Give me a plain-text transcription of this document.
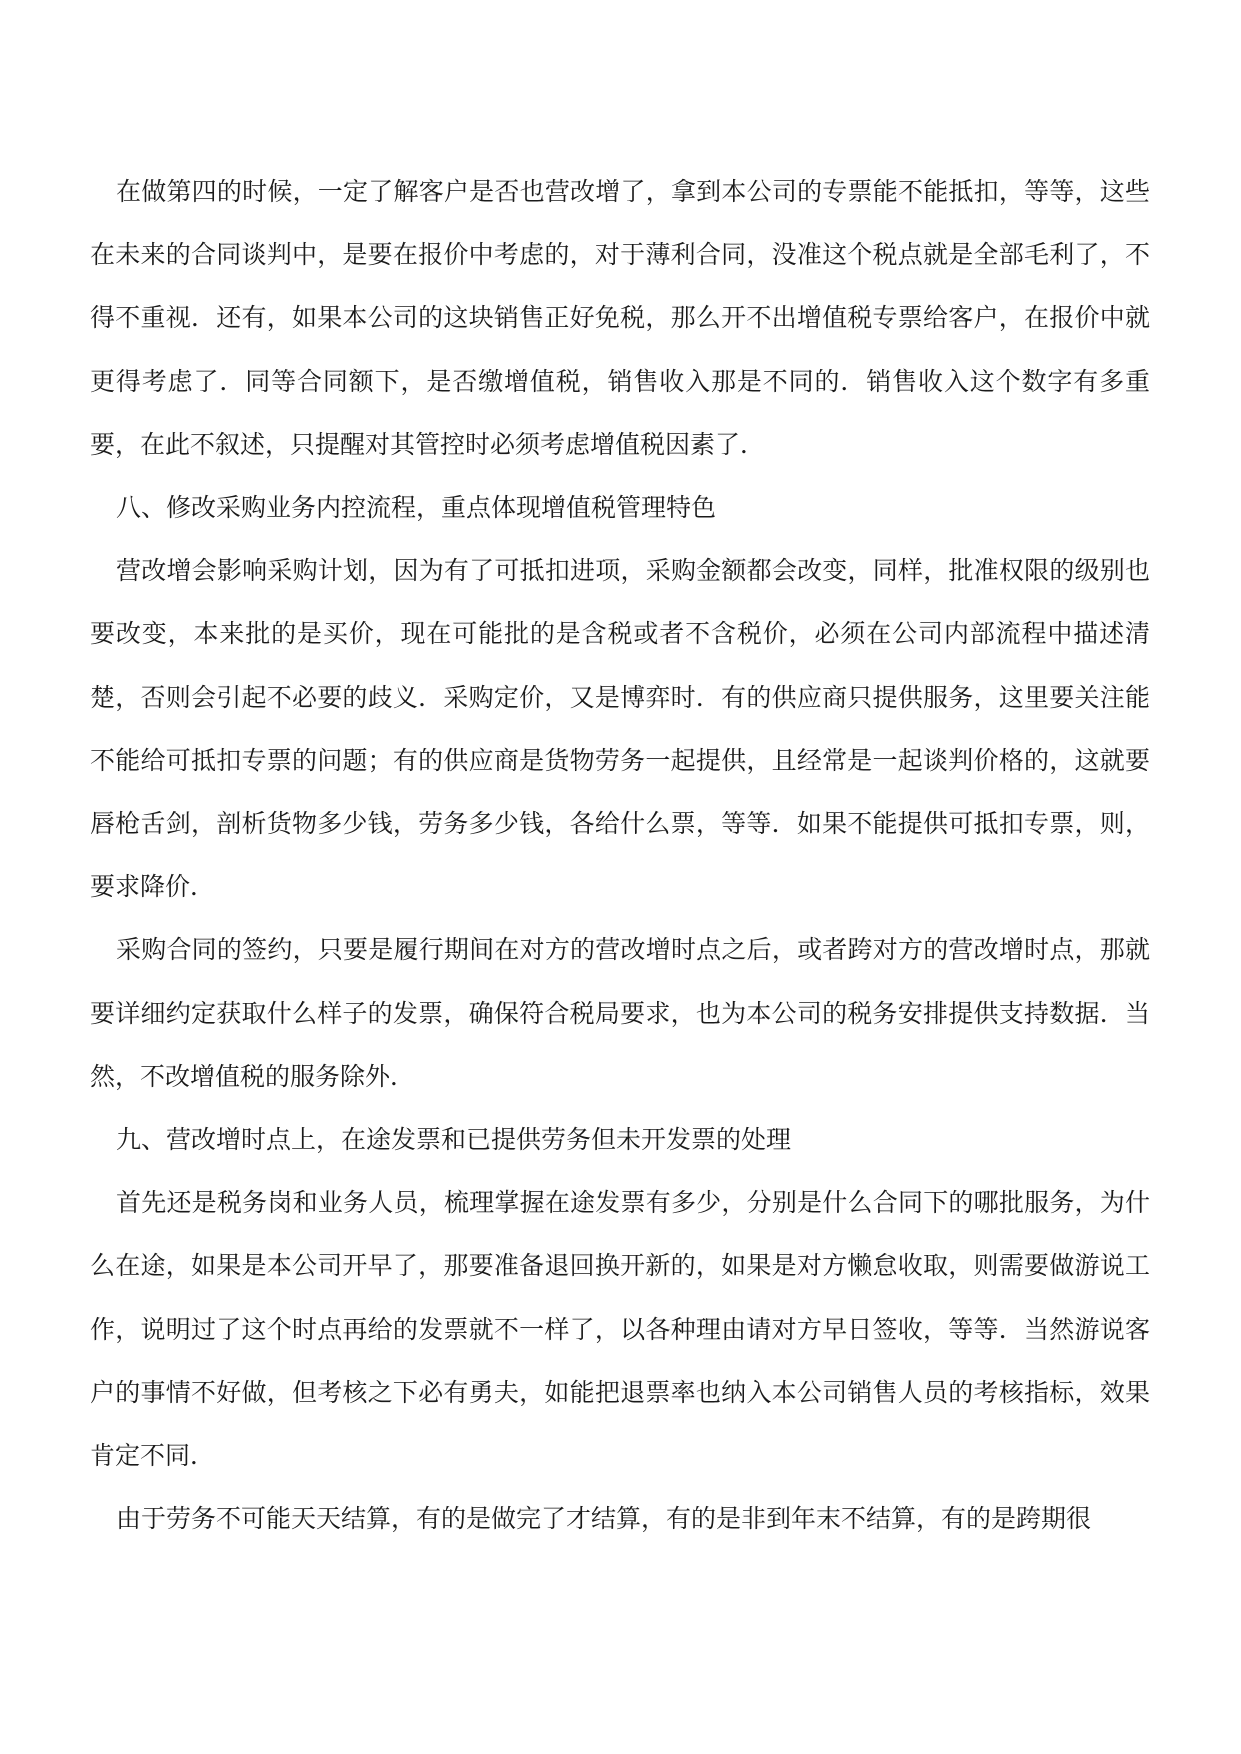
在做第四的时候，一定了解客户是否也营改增了，拿到本公司的专票能不能抵扣，等等，这些在未来的合同谈判中，是要在报价中考虑的，对于薄利合同，没准这个税点就是全部毛利了，不得不重视．还有，如果本公司的这块销售正好免税，那么开不出增值税专票给客户，在报价中就更得考虑了．同等合同额下，是否缴增值税，销售收入那是不同的．销售收入这个数字有多重要，在此不叙述，只提醒对其管控时必须考虑增值税因素了．

八、修改采购业务内控流程，重点体现增值税管理特色

营改增会影响采购计划，因为有了可抵扣进项，采购金额都会改变，同样，批准权限的级别也要改变，本来批的是买价，现在可能批的是含税或者不含税价，必须在公司内部流程中描述清楚，否则会引起不必要的歧义．采购定价，又是博弈时．有的供应商只提供服务，这里要关注能不能给可抵扣专票的问题；有的供应商是货物劳务一起提供，且经常是一起谈判价格的，这就要唇枪舌剑，剖析货物多少钱，劳务多少钱，各给什么票，等等．如果不能提供可抵扣专票，则，要求降价．

采购合同的签约，只要是履行期间在对方的营改增时点之后，或者跨对方的营改增时点，那就要详细约定获取什么样子的发票，确保符合税局要求，也为本公司的税务安排提供支持数据．当然，不改增值税的服务除外．

九、营改增时点上，在途发票和已提供劳务但未开发票的处理

首先还是税务岗和业务人员，梳理掌握在途发票有多少，分别是什么合同下的哪批服务，为什么在途，如果是本公司开早了，那要准备退回换开新的，如果是对方懒怠收取，则需要做游说工作，说明过了这个时点再给的发票就不一样了，以各种理由请对方早日签收，等等．当然游说客户的事情不好做，但考核之下必有勇夫，如能把退票率也纳入本公司销售人员的考核指标，效果肯定不同．

由于劳务不可能天天结算，有的是做完了才结算，有的是非到年末不结算，有的是跨期很
